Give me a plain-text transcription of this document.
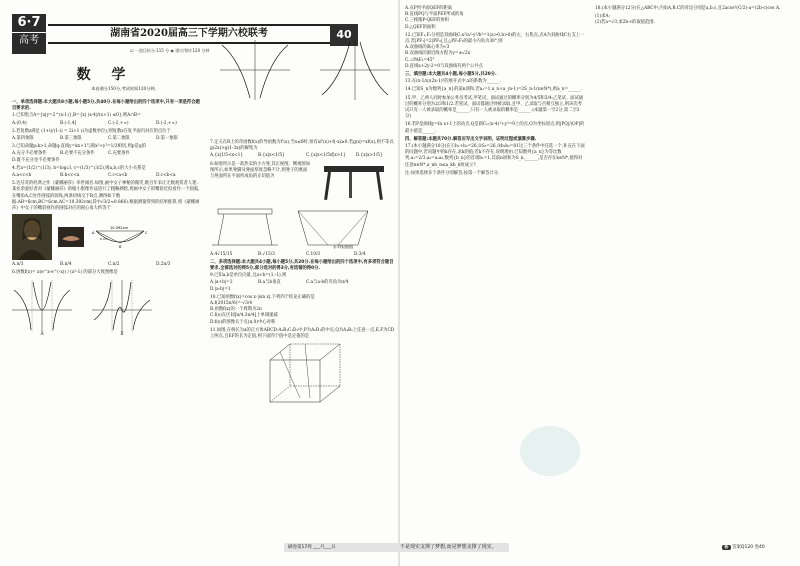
6·7
高考
湖南省2020届高三下学期六校联考	40
☑ 一道目标分:115 分 ◉ 建议用时:120 分钟
数 学
本卷满分150分,考试时间120分钟。
一、单项选择题:本大题共8小题,每小题5分,共40分.在每小题给出的四个选项中,只有一项是符合题目要求的.
1.已知集合A={x|y=2^(x-1)},B={x| (x-4)/(x+1) ≤0},则A∩B=
A.(0,4)	B.(-1,4]	C.(-2,+∞)	D.(-2,+∞)
2.若复数z满足 (1+i)/(1-i) = 2i+1 (i为虚数单位),则复数z在复平面内对应的点位于
A.第四象限	B.第三象限	C.第二象限	D.第一象限
3.已知命题p:k>1,命题q:直线y=kx+1与圆x²+y²=1/2相切,则p是q的
A.充分不必要条件	B.必要不充分条件	C.充要条件
D.既不充分也不必要条件
4.若a=(1/2)^(1/3), b=log₂3, c=(1/3)^(3/2),则a,b,c的大小关系是
A.a<c<b	B.b<c<a	C.c<a<b	D.c<b<a
5.达芬奇的经典之作《蒙娜丽莎》举世闻名.如图,画中女子神秘的微笑,数百年来让无数观赏者人迷.某业余爱好者对《蒙娜丽莎》的缩小影像作品进行了粗略测绘,将画中女子的嘴唇近似看作一个圆弧,在嘴角A,C处作圆弧的切线,两条切线交于B点,测得如下数据:AB=6cm,BC=6cm,AC=10.392cm(其中√3/2≈0.866).根据测量得到的结果推算,将《蒙娜丽莎》中女子的嘴唇视作的圆弧对应的圆心角大约等于
10.392cm
A
B
C
6 cm
A.π/3	B.π/4	C.π/2	D.2π/3
6.函数f(x)= x(e^x-e^(-x)) / (x²-1) 的部分大致图像是
A	B
7.定义在R上的奇函数f(x)的导函数为f'(x),当x≤0时,恒有xf'(x)+f(-x)≥0,若g(x)=xf(x),则不等式g(2x)>g(1-3x)的解集为
A.{x|1/5<x<1}	B.{x|x<1/5}	C.{x|x<1/5或x>1} D.{x|x>1/5}
8.如图所示是一款热卖的小方凳,其正视图、侧视图如图所示,如果凳脚及凳面厚度忽略不计,则凳子的底面与凳面所在平面所成角的正切值为
水平线(底面)
A.4√15/15	B.√15/3	C.10/3	D.3/4
二、多项选择题:本大题共4小题,每小题5分,共20分.在每小题给出的四个选项中,有多项符合题目要求.全部选对的得5分,部分选对的得3分,有选错的得0分.
9.已知a,b是单位向量,且a+b=(1,-1),则
A.|a+b|=2	B.a与b垂直	C.a与a-b的夹角为π/4
D.|a-b|=1
10.已知函数f(x)=cos x·|sin x|,下列四个结论正确的是
A.f(2015π/6)=-√3/4
B.函数f(x)的一个周期为2π
C.f(x)在区间[π/4,3π/4]上单调递减
D.f(x)的图像关于点(π,0)中心对称
11.如图,在棱长为a的正方体ABCD-A₁B₁C₁D₁中,P为A₁D₁的中点,Q为A₁B₁上任意一点,E,F为CD上两点,且EF的长为定值,则下面四个值中是定值的是
A.点P到平面QEF的距离
B.直线PQ与平面PEF所成的角
C.三棱锥P-QEF的体积
D.△QEF的面积
12.已知F₁,F₂分别是双曲线C:x²/a²-y²/b²=1(a>0,b>0)的左、右焦点,点A为双曲线C右支上一点,若|PF₁|=2|PF₂|,且△PF₁F₂的最小内角为30°,则
A.双曲线的离心率为√3
B.双曲线的渐近线方程为y=±√2x
C.∠PAF₂=45°
D.直线x+2y-2=0与双曲线有两个公共点
三、填空题:本大题共4小题,每小题5分,共20分.
13.在(x-1/x)(2x-1)⁵的展开式中,x的系数为______.
14.已知S_n为数列{a_n}的前n项和,若a₁=1,a_n+a_(n-1)=2S_n-1(n∈N*),则a_n=______.
15.甲、乙两人同时参加公务员考试,甲笔试、面试通过的概率分别为4/5和3/4;乙笔试、面试通过的概率分别为2/3和1/2.若笔试、面试都通过则被录取,且甲、乙录取与否相互独立,则该次考试只有一人被录取的概率是______,只有一人被录取的概率是______.(本题第一空2分,第二空3分)
16.若P是曲线y=ln x+1上的动点,Q是圆C₁:(x-4)²+y²=9上的点,O为坐标原点,则|PQ|/|OP|的最小值是______.
四、解答题:本题共70分.解答应写出文字说明、证明过程或演算步骤.
17.(本小题满分10分)在①b₁+b₂=26,②S₃=26,③b₁b₂=81这三个条件中任选一个,补充在下面的问题中,若问题中的k存在,求k的值;若k不存在,说明理由.已知数列{a_n}为等比数列,a₁=2/3,a₃=a₁a₂,数列{b_n}的首项b₁=1,其前n项和为S_n,______,是否存在k∈N*,使得对任意n∈N*,a_nb_n≤a_kb_k恒成立?
注:如果选择多个条件分别解答,按第一个解答计分.
18.(本小题满分12分)在△ABC中,内角A,B,C的对边分别是a,b,c,且2acos²(C/2)-a=(2b-c)cos A.
(1)求A;
(2)若a=√3,求2b-c的取值范围.
刷卷第17周 ___月___日	不是现实支撑了梦想,而是梦想支撑了现实。	答 答案Q120 卷40
